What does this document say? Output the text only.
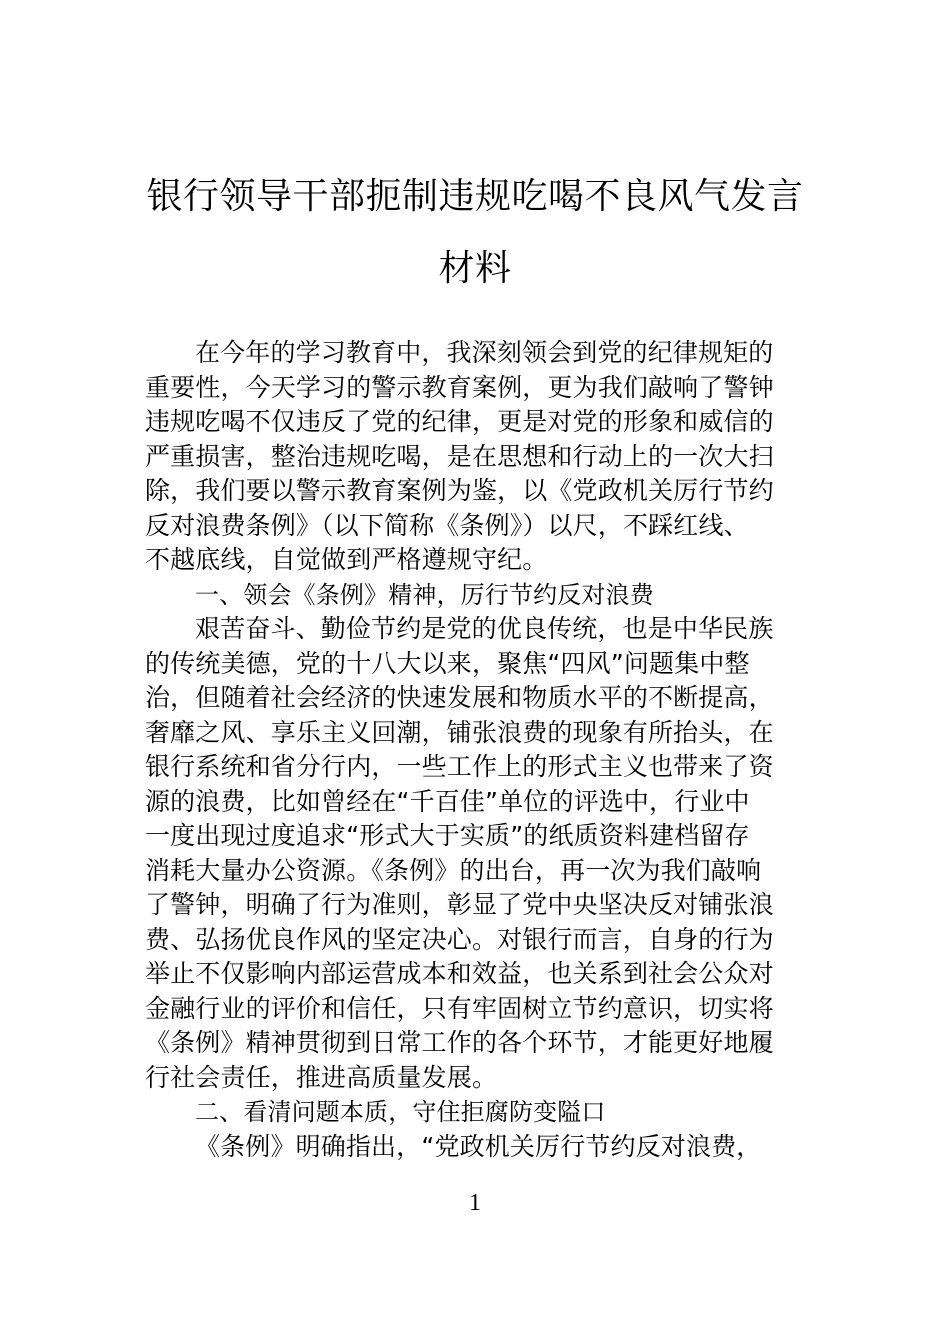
银行领导干部扼制违规吃喝不良风气发言
材料

在今年的学习教育中，我深刻领会到党的纪律规矩的

重要性，今天学习的警示教育案例，更为我们敲响了警钟

违规吃喝不仅违反了党的纪律，更是对党的形象和威信的

严重损害，整治违规吃喝，是在思想和行动上的一次大扫

除，我们要以警示教育案例为鉴，以《党政机关厉行节约

反对浪费条例》（以下简称《条例》）以尺，不踩红线、

不越底线，自觉做到严格遵规守纪。

一、领会《条例》精神，厉行节约反对浪费

艰苦奋斗、勤俭节约是党的优良传统，也是中华民族

的传统美德，党的十八大以来，聚焦“四风”问题集中整

治，但随着社会经济的快速发展和物质水平的不断提高，

奢靡之风、享乐主义回潮，铺张浪费的现象有所抬头，在

银行系统和省分行内，一些工作上的形式主义也带来了资

源的浪费，比如曾经在“千百佳”单位的评选中，行业中

一度出现过度追求“形式大于实质”的纸质资料建档留存

消耗大量办公资源。《条例》的出台，再一次为我们敲响

了警钟，明确了行为准则，彰显了党中央坚决反对铺张浪

费、弘扬优良作风的坚定决心。对银行而言，自身的行为

举止不仅影响内部运营成本和效益，也关系到社会公众对

金融行业的评价和信任，只有牢固树立节约意识，切实将

《条例》精神贯彻到日常工作的各个环节，才能更好地履

行社会责任，推进高质量发展。

二、看清问题本质，守住拒腐防变隘口

《条例》明确指出，“党政机关厉行节约反对浪费，

1
